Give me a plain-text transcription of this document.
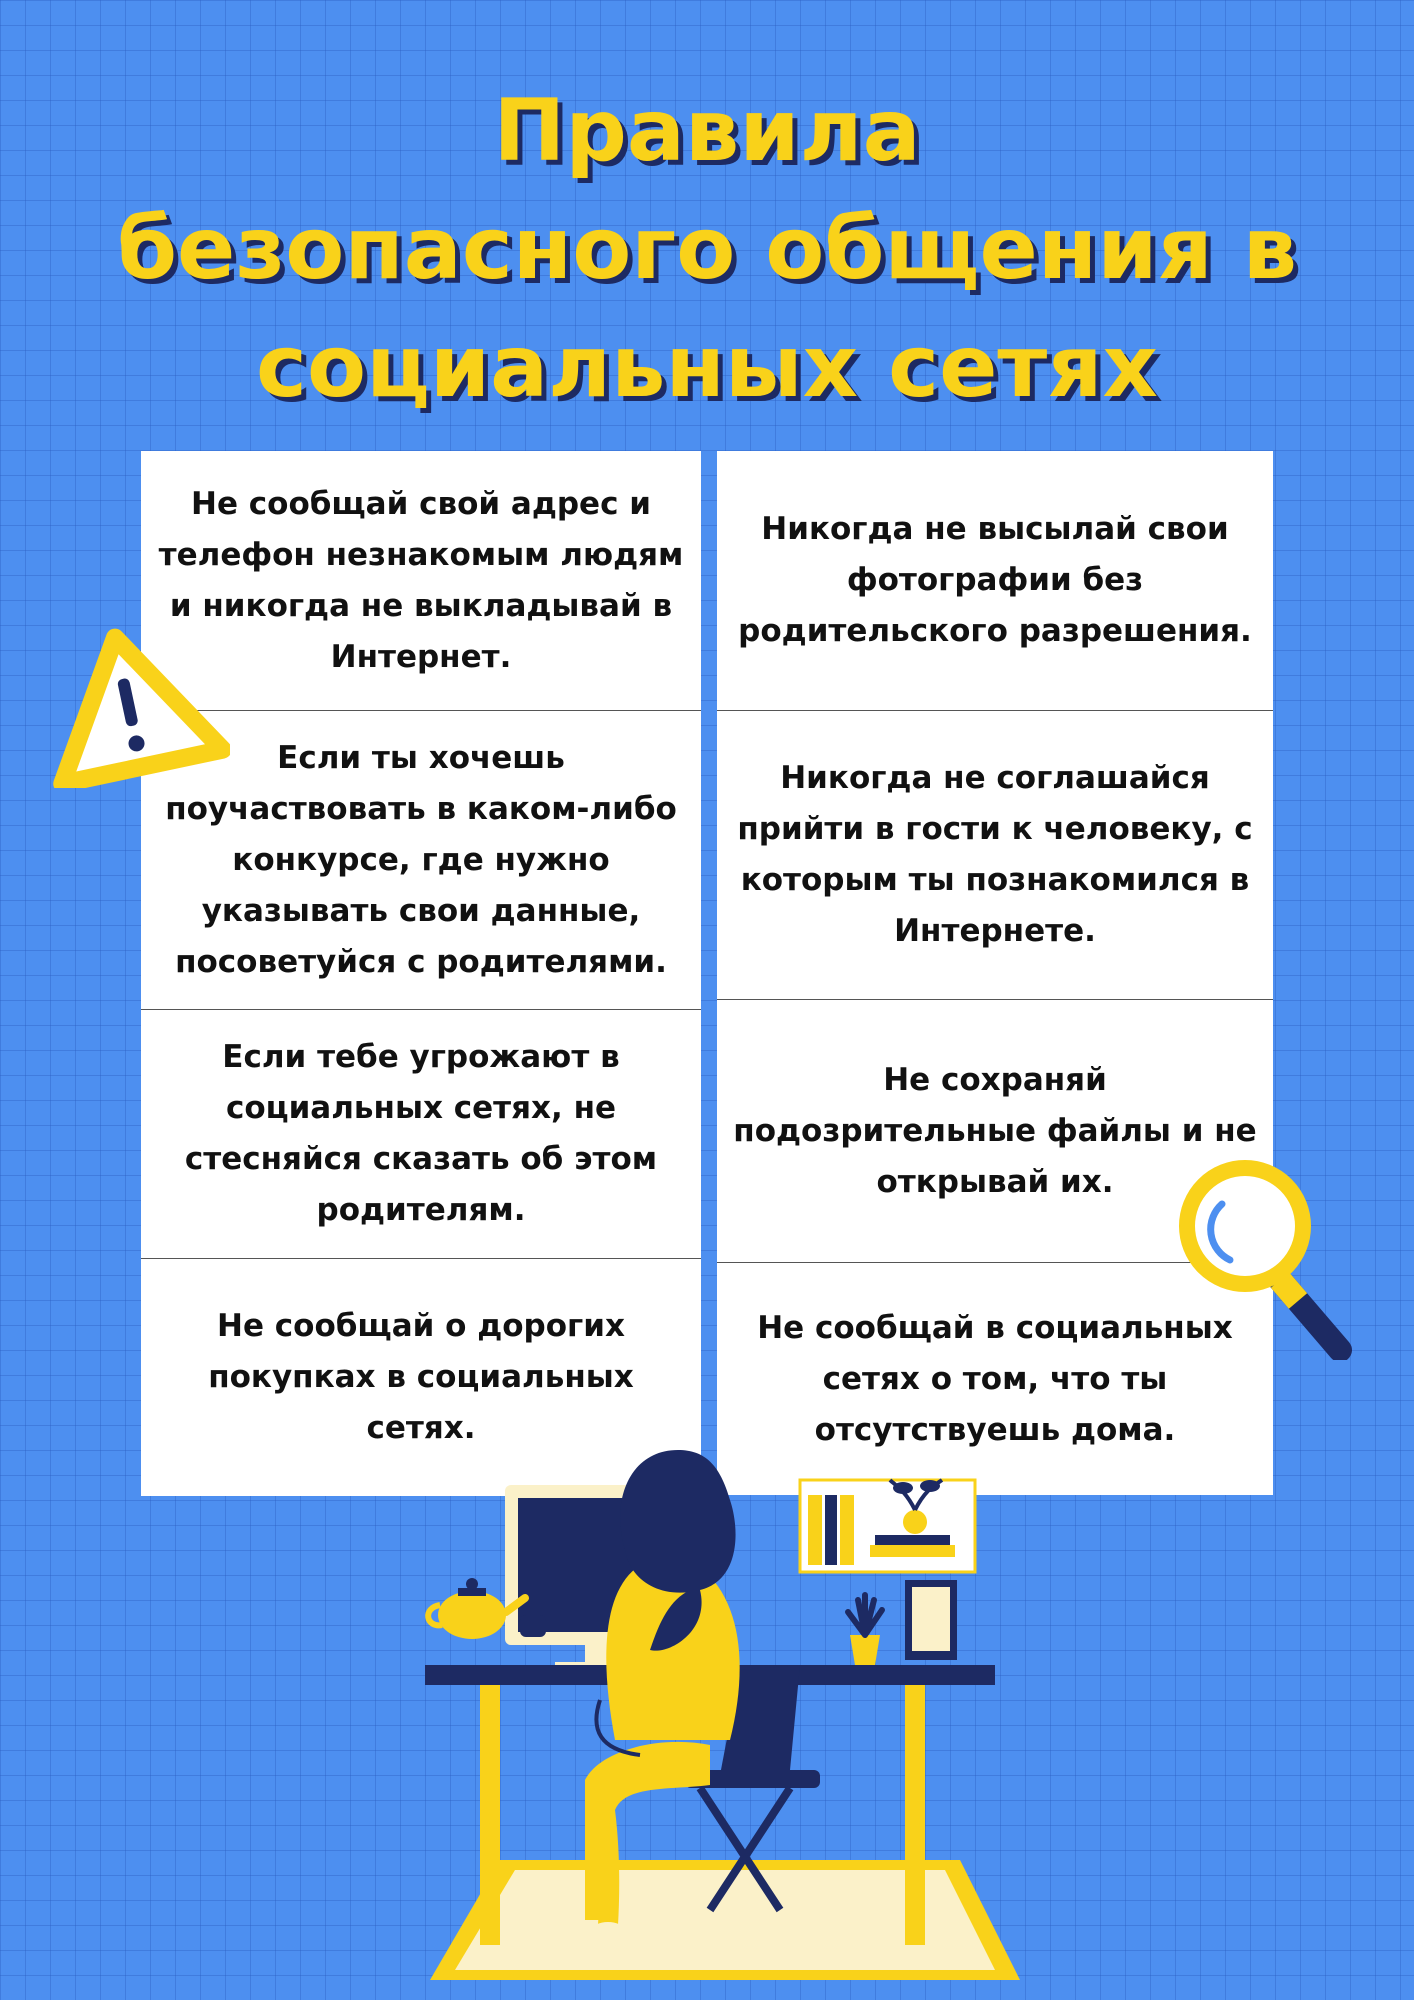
Правила
безопасного общения в
социальных сетях
Не сообщай свой адрес и телефон незнакомым людям и никогда не выкладывай в Интернет.
Если ты хочешь поучаствовать в каком-либо конкурсе, где нужно указывать свои данные, посоветуйся с родителями.
Если тебе угрожают в социальных сетях, не стесняйся сказать об этом родителям.
Не сообщай о дорогих покупках в социальных сетях.
Никогда не высылай свои фотографии без родительского разрешения.
Никогда не соглашайся прийти в гости к человеку, с которым ты познакомился в Интернете.
Не сохраняй подозрительные файлы и не открывай их.
Не сообщай в социальных сетях о том, что ты отсутствуешь дома.
